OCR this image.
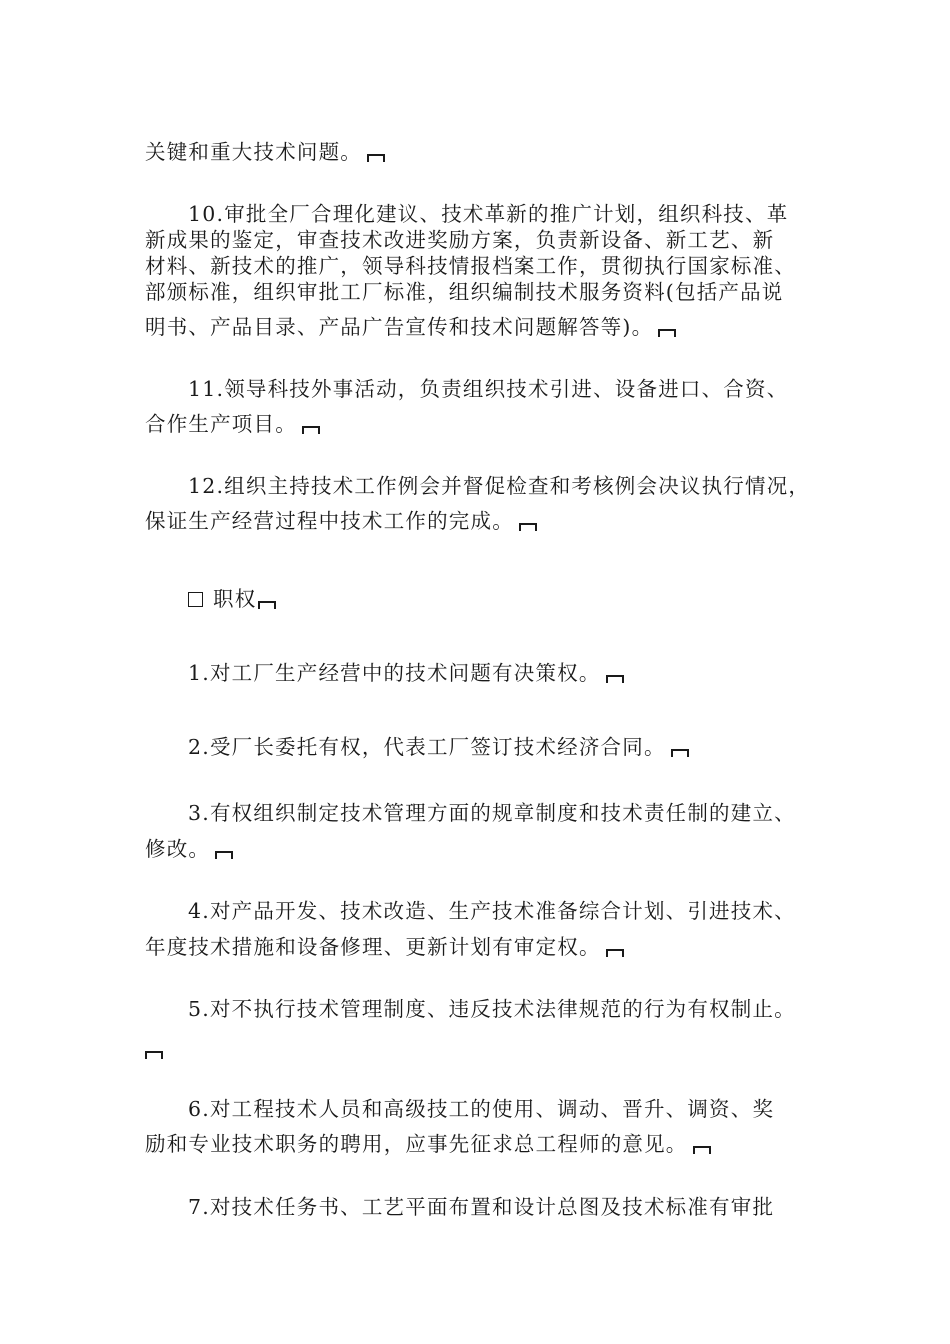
关键和重大技术问题。
10.审批全厂合理化建议、技术革新的推广计划，组织科技、革
新成果的鉴定，审查技术改进奖励方案，负责新设备、新工艺、新
材料、新技术的推广，领导科技情报档案工作，贯彻执行国家标准、
部颁标准，组织审批工厂标准，组织编制技术服务资料(包括产品说
明书、产品目录、产品广告宣传和技术问题解答等)。
11.领导科技外事活动，负责组织技术引进、设备进口、合资、
合作生产项目。
12.组织主持技术工作例会并督促检查和考核例会决议执行情况，
保证生产经营过程中技术工作的完成。
职权
1.对工厂生产经营中的技术问题有决策权。
2.受厂长委托有权，代表工厂签订技术经济合同。
3.有权组织制定技术管理方面的规章制度和技术责任制的建立、
修改。
4.对产品开发、技术改造、生产技术准备综合计划、引进技术、
年度技术措施和设备修理、更新计划有审定权。
5.对不执行技术管理制度、违反技术法律规范的行为有权制止。
6.对工程技术人员和高级技工的使用、调动、晋升、调资、奖
励和专业技术职务的聘用，应事先征求总工程师的意见。
7.对技术任务书、工艺平面布置和设计总图及技术标准有审批
